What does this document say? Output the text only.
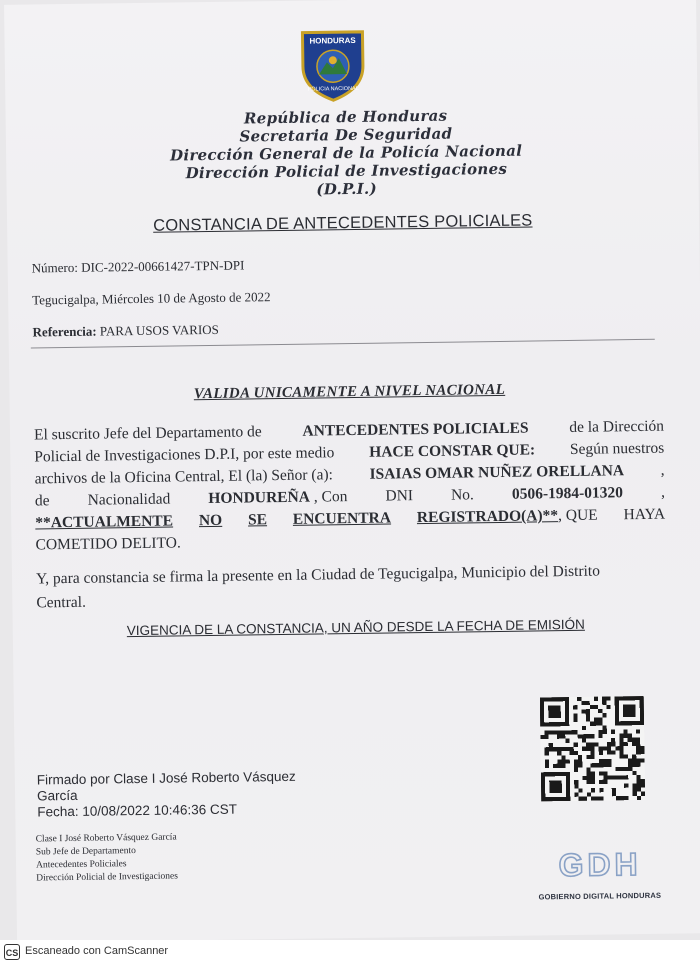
HONDURAS
POLICIA NACIONAL
República de Honduras
Secretaria De Seguridad
Dirección General de la Policía Nacional
Dirección Policial de Investigaciones
(D.P.I.)
CONSTANCIA DE ANTECEDENTES POLICIALES
Número: DIC-2022-00661427-TPN-DPI
Tegucigalpa, Miércoles 10 de Agosto de 2022
Referencia: PARA USOS VARIOS
VALIDA UNICAMENTE A NIVEL NACIONAL
El suscrito Jefe del Departamento de	ANTECEDENTES POLICIALES	de la Dirección
Policial de Investigaciones D.P.I, por este medio HACE CONSTAR QUE: Según nuestros
archivos de la Oficina Central, El (la) Señor (a): ISAIAS OMAR NUÑEZ ORELLANA ,
de Nacionalidad HONDUREÑA , Con DNI No. 0506-1984-01320 ,
**ACTUALMENTE NO SE ENCUENTRA REGISTRADO(A)**, QUE HAYA
COMETIDO DELITO.
Y, para constancia se firma la presente en la Ciudad de Tegucigalpa, Municipio del Distrito
Central.
VIGENCIA DE LA CONSTANCIA, UN AÑO DESDE LA FECHA DE EMISIÓN
Firmado por Clase I José Roberto Vásquez
García
Fecha: 10/08/2022 10:46:36 CST
Clase I José Roberto Vásquez García
Sub Jefe de Departamento
Antecedentes Policiales
Dirección Policial de Investigaciones	GDH
GOBIERNO DIGITAL HONDURAS
CS Escaneado con CamScanner
